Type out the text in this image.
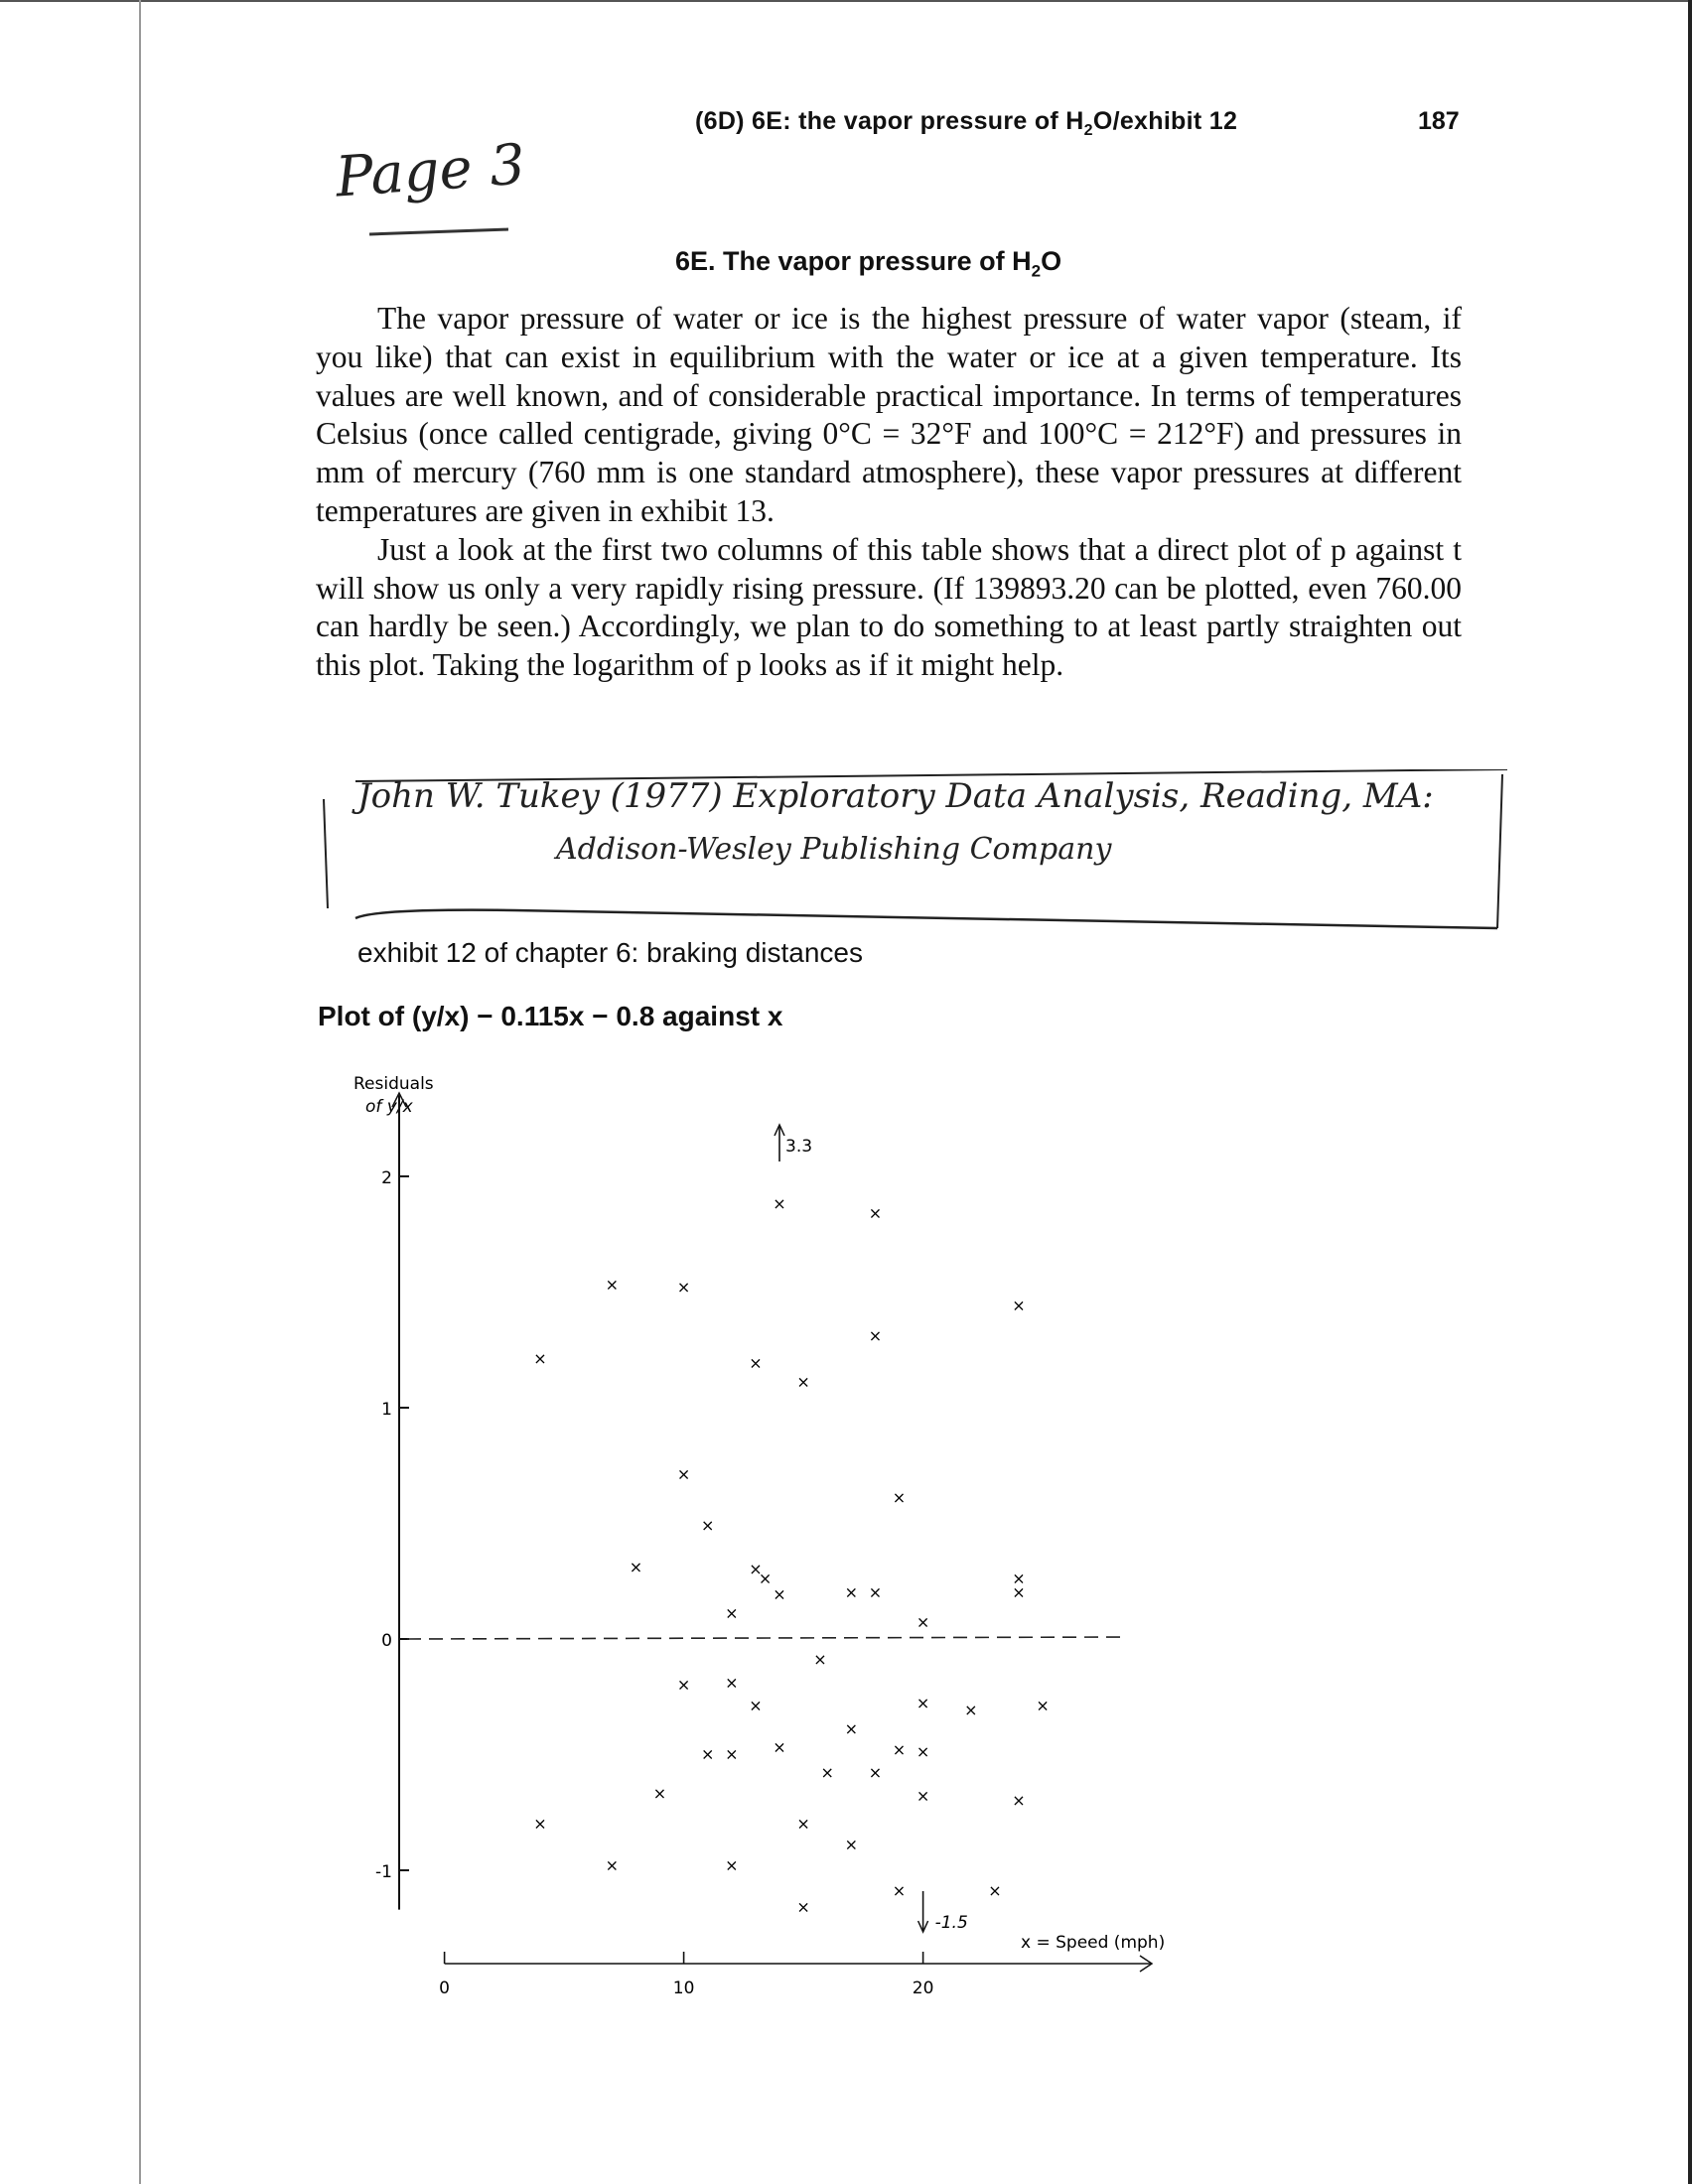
(6D) 6E: the vapor pressure of $H_2O$/exhibit 12	187
Page 3
6E. The vapor pressure of $H_2O$

The vapor pressure of water or ice is the highest pressure of water vapor (steam, if you like) that can exist in equilibrium with the water or ice at a given temperature. Its values are well known, and of considerable practical importance. In terms of temperatures Celsius (once called centigrade, giving 0°C = 32°F and 100°C = 212°F) and pressures in mm of mercury (760 mm is one standard atmosphere), these vapor pressures at different temperatures are given in exhibit 13.

Just a look at the first two columns of this table shows that a direct plot of p against t will show us only a very rapidly rising pressure. (If 139893.20 can be plotted, even 760.00 can hardly be seen.) Accordingly, we plan to do something to at least partly straighten out this plot. Taking the logarithm of p looks as if it might help.

John W. Tukey (1977) Exploratory Data Analysis, Reading, MA:
Addison-Wesley Publishing Company
exhibit 12 of chapter 6: braking distances
Plot of (y/x) − 0.115x − 0.8 against x
Residuals
of y/x
2
1
0
-1
0	10	20
x = Speed (mph)
×	×
×	×
×
×
×	×
×
×
×
×
×	×
×
×	× ×
×	×
×
×
×
× ×
×	× ×	×
×
×
× ×	× ×
× ×
×	×	×
×	×
×
×	×
×	×
×
3.3
-1.5
